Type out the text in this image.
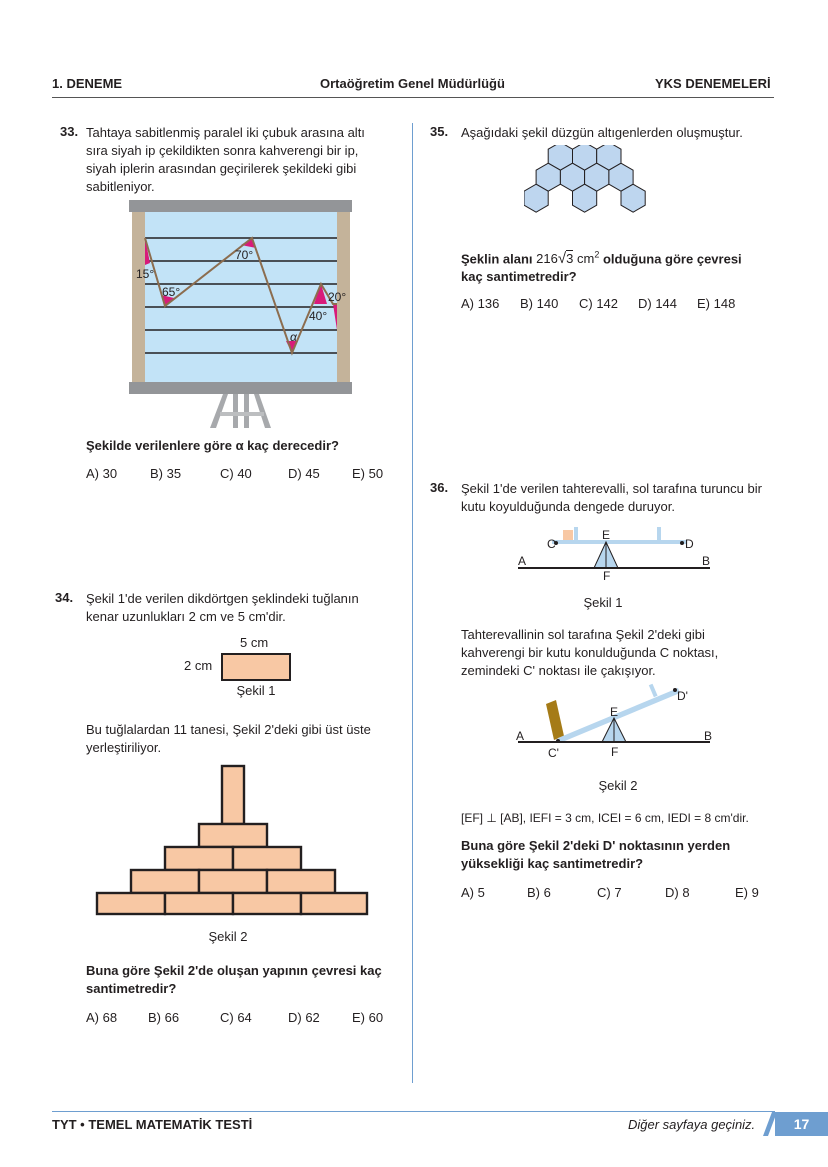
1. DENEME	Ortaöğretim Genel Müdürlüğü	YKS DENEMELERİ
33. Tahtaya sabitlenmiş paralel iki çubuk arasına altı
sıra siyah ip çekildikten sonra kahverengi bir ip,
siyah iplerin arasından geçirilerek şekildeki gibi
sabitleniyor.
15°
65°
70°
40°
20°
α
Şekilde verilenlere göre α kaç derecedir?
A) 30	B) 35	C) 40	D) 45 E) 50
34. Şekil 1'de verilen dikdörtgen şeklindeki tuğlanın
kenar uzunlukları 2 cm ve 5 cm'dir.
5 cm
2 cm
Şekil 1
Bu tuğlalardan 11 tanesi, Şekil 2'deki gibi üst üste
yerleştiriliyor.
Şekil 2
Buna göre Şekil 2'de oluşan yapının çevresi kaç
santimetredir?
A) 68 B) 66	C) 64	D) 62 E) 60
35. Aşağıdaki şekil düzgün altıgenlerden oluşmuştur.
Şeklin alanı 216√3 $cm^2$ olduğuna göre çevresi
kaç santimetredir?
A) 136 B) 140 C) 142 D) 144 E) 148
36. Şekil 1'de verilen tahterevalli, sol tarafına turuncu bir
kutu koyulduğunda dengede duruyor.
C
E
D
A	B
F
Şekil 1
Tahterevallinin sol tarafına Şekil 2'deki gibi
kahverengi bir kutu konulduğunda C noktası,
zemindeki C' noktası ile çakışıyor.
D'
E
A	B
C'	F
Şekil 2
[EF] ⊥ [AB], IEFI = 3 cm, ICEI = 6 cm, IEDI = 8 cm'dir.
Buna göre Şekil 2'deki D' noktasının yerden
yüksekliği kaç santimetredir?
A) 5	B) 6	C) 7	D) 8	E) 9
TYT • TEMEL MATEMATİK TESTİ	Diğer sayfaya geçiniz.	17
